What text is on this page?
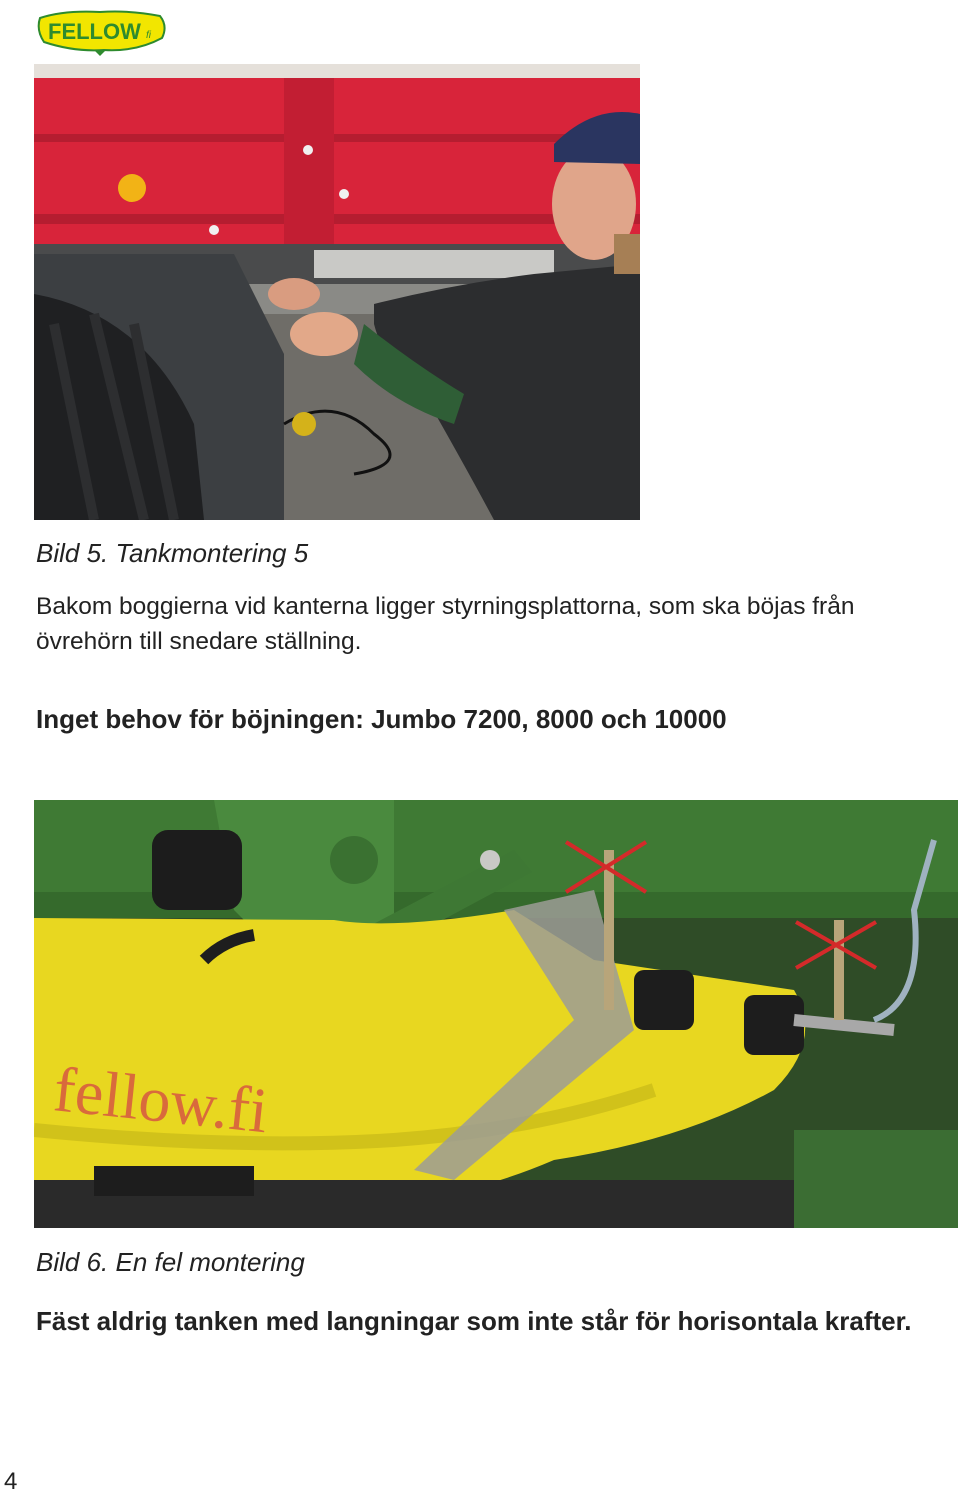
FELLOW fi
Bild 5. Tankmontering 5

Bakom boggierna vid kanterna ligger styrningsplattorna, som ska böjas från övrehörn till snedare ställning.

Inget behov för böjningen: Jumbo 7200, 8000 och 10000

fellow.fi
Bild 6. En fel montering

Fäst aldrig tanken med langningar som inte står för horisontala krafter.

4
